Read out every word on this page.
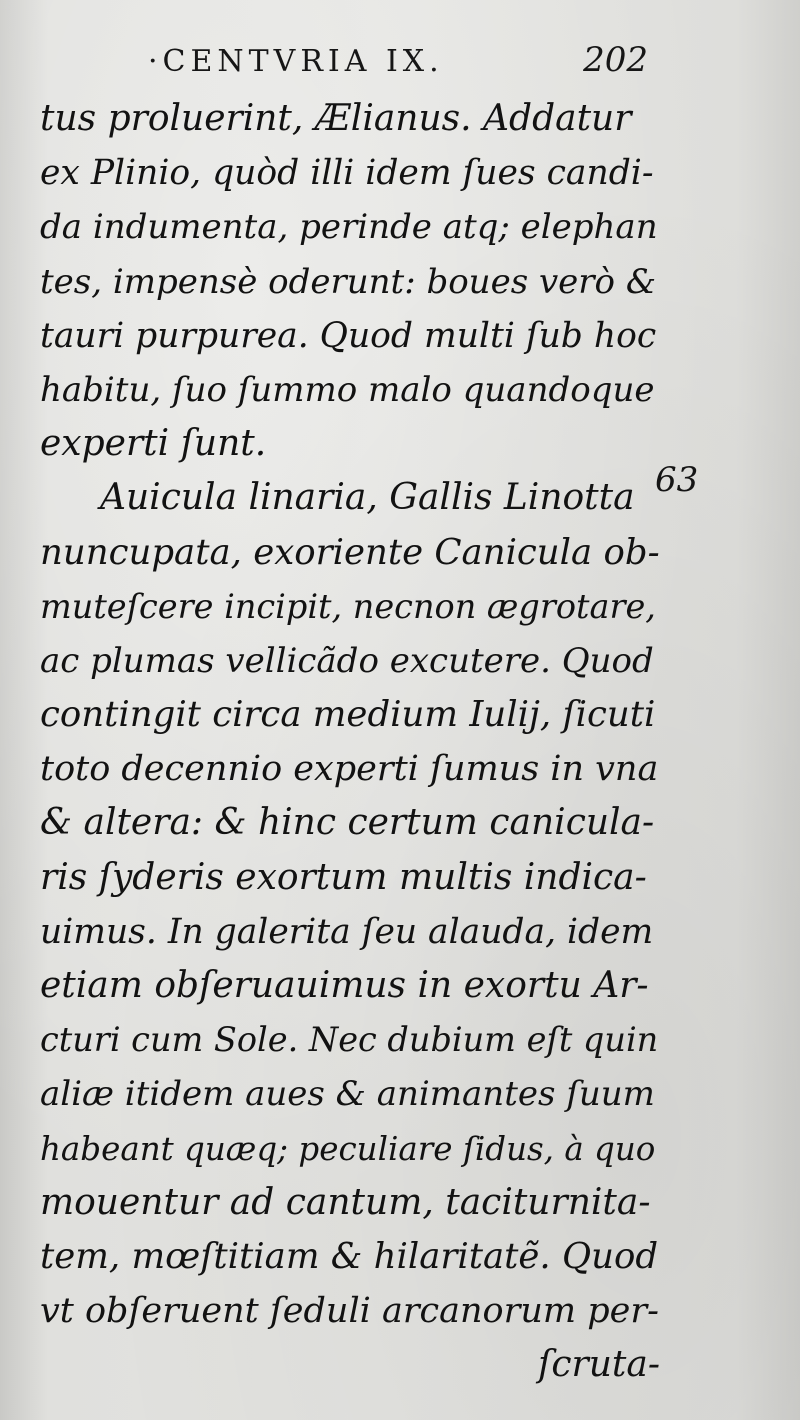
·CENTVRIA IX.	202
63
tus proluerint, Ælianus. Addatur
ex Plinio, quòd illi idem ſues candi-
da indumenta, perinde atq; elephan
tes, impensè oderunt: boues verò &
tauri purpurea. Quod multi ſub hoc
habitu, ſuo ſummo malo quandoque
experti ſunt.
Auicula linaria, Gallis Linotta
nuncupata, exoriente Canicula ob-
muteſcere incipit, necnon ægrotare,
ac plumas vellicãdo excutere. Quod
contingit circa medium Iulij, ſicuti
toto decennio experti ſumus in vna
& altera: & hinc certum canicula-
ris ſyderis exortum multis indica-
uimus. In galerita ſeu alauda, idem
etiam obſeruauimus in exortu Ar-
cturi cum Sole. Nec dubium eſt quin
aliæ itidem aues & animantes ſuum
habeant quæq; peculiare ſidus, à quo
mouentur ad cantum, taciturnita-
tem, mœſtitiam & hilaritatẽ. Quod
vt obſeruent ſeduli arcanorum per-
ſcruta-
